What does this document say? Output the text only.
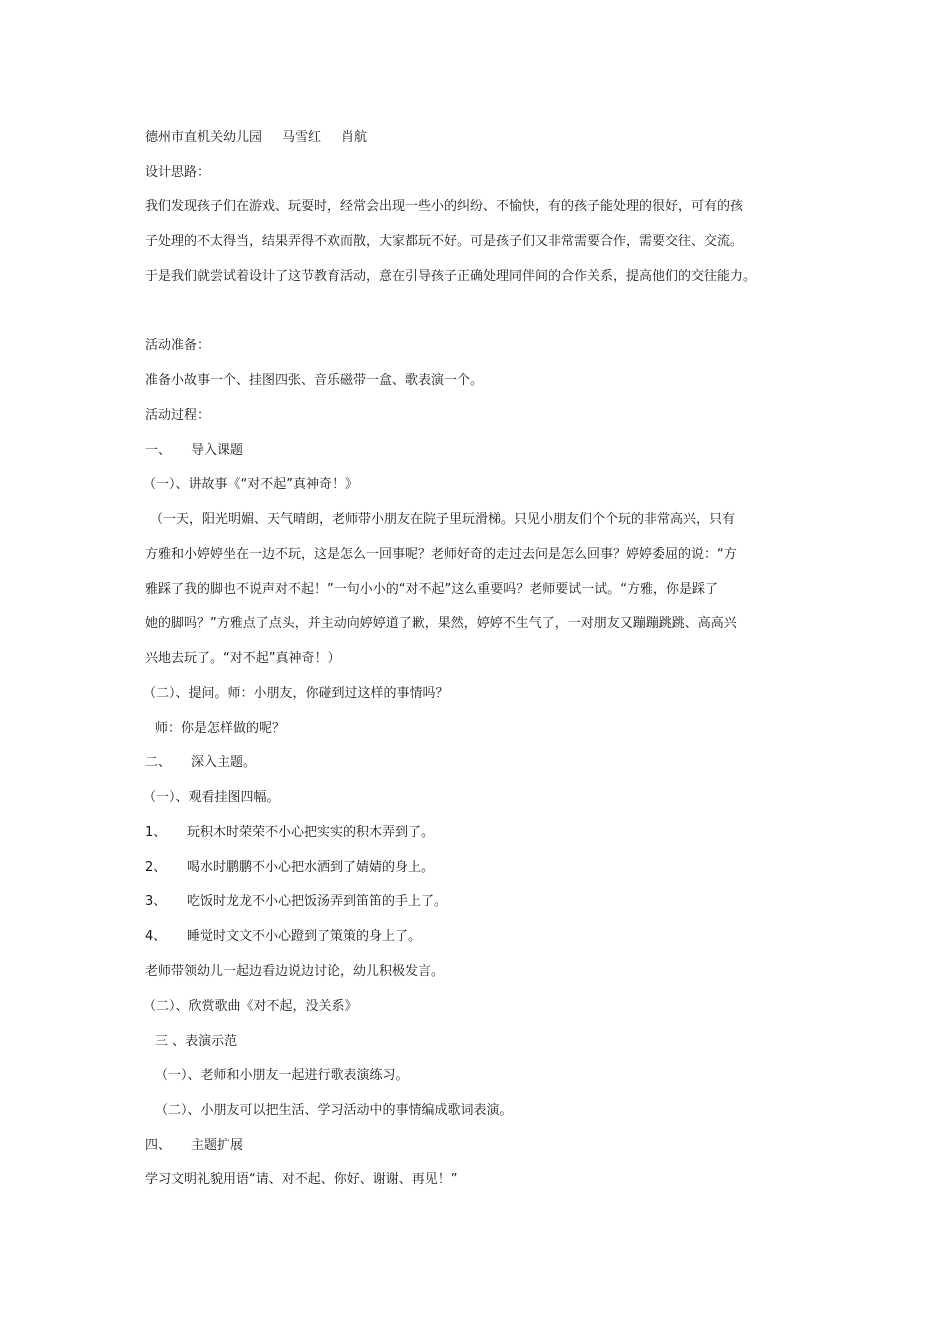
德州市直机关幼儿园 马雪红 肖航
设计思路：
我们发现孩子们在游戏、玩耍时，经常会出现一些小的纠纷、不愉快，有的孩子能处理的很好，可有的孩
子处理的不太得当，结果弄得不欢而散，大家都玩不好。可是孩子们又非常需要合作，需要交往、交流。
于是我们就尝试着设计了这节教育活动，意在引导孩子正确处理同伴间的合作关系，提高他们的交往能力。
活动准备：
准备小故事一个、挂图四张、音乐磁带一盒、歌表演一个。
活动过程：
一、 导入课题
（一）、讲故事《“对不起”真神奇！》
（一天，阳光明媚、天气晴朗，老师带小朋友在院子里玩滑梯。只见小朋友们个个玩的非常高兴，只有
方雅和小婷婷坐在一边不玩，这是怎么一回事呢？老师好奇的走过去问是怎么回事？婷婷委屈的说：“方
雅踩了我的脚也不说声对不起！”一句小小的“对不起”这么重要吗？老师要试一试。“方雅，你是踩了
她的脚吗？”方雅点了点头，并主动向婷婷道了歉，果然，婷婷不生气了，一对朋友又蹦蹦跳跳、高高兴
兴地去玩了。“对不起”真神奇！）
（二）、提问。师：小朋友，你碰到过这样的事情吗？
师：你是怎样做的呢？
二、 深入主题。
（一）、观看挂图四幅。
1、 玩积木时荣荣不小心把实实的积木弄到了。
2、 喝水时鹏鹏不小心把水洒到了婧婧的身上。
3、 吃饭时龙龙不小心把饭汤弄到笛笛的手上了。
4、 睡觉时文文不小心蹬到了策策的身上了。
老师带领幼儿一起边看边说边讨论，幼儿积极发言。
（二）、欣赏歌曲《对不起，没关系》
三 、表演示范
（一）、老师和小朋友一起进行歌表演练习。
（二）、小朋友可以把生活、学习活动中的事情编成歌词表演。
四、 主题扩展
学习文明礼貌用语“请、对不起、你好、谢谢、再见！”
